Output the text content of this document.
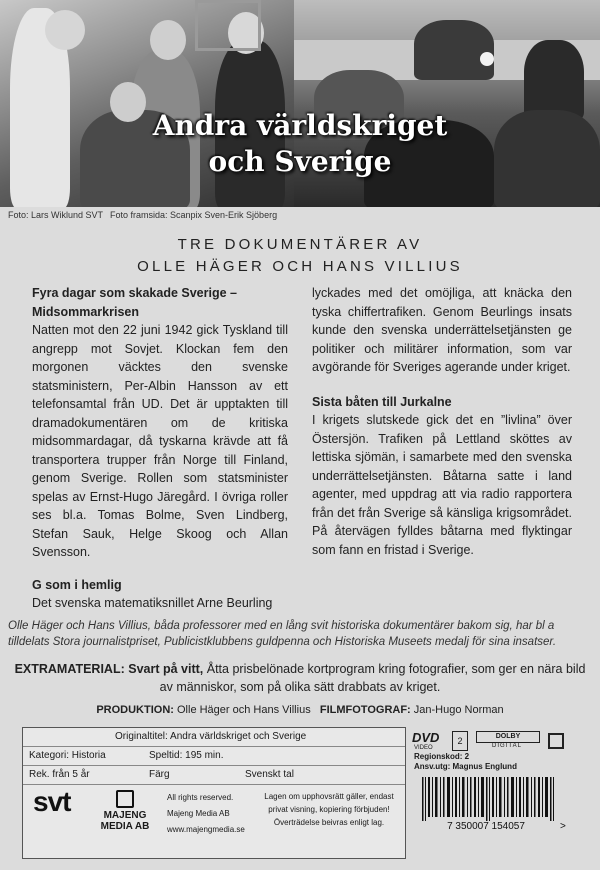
Andra världskriget
och Sverige
Foto: Lars Wiklund SVT Foto framsida: Scanpix Sven-Erik Sjöberg
TRE DOKUMENTÄRER AV
OLLE HÄGER OCH HANS VILLIUS
Fyra dagar som skakade Sverige – Midsommarkrisen

Natten mot den 22 juni 1942 gick Tyskland till angrepp mot Sovjet. Klockan fem den morgonen väcktes den svenske statsministern, Per-Albin Hansson av ett telefonsamtal från UD. Det är upptakten till dramadokumentären om de kritiska midsommardagar, då tyskarna krävde att få transportera trupper från Norge till Finland, genom Sverige. Rollen som statsminister spelas av Ernst-Hugo Järegård. I övriga roller ses bl.a. Tomas Bolme, Sven Lindberg, Stefan Sauk, Helge Skoog och Allan Svensson.

G som i hemlig

Det svenska matematiksnillet Arne Beurling

lyckades med det omöjliga, att knäcka den tyska chiffertrafiken. Genom Beurlings insats kunde den svenska underrättelsetjänsten ge politiker och militärer information, som var avgörande för Sveriges agerande under kriget.

Sista båten till Jurkalne

I krigets slutskede gick det en ”livlina” över Östersjön. Trafiken på Lettland sköttes av lettiska sjömän, i samarbete med den svenska underrättelsetjänsten. Båtarna satte i land agenter, med uppdrag att via radio rapportera från det från Sverige så känsliga krigsområdet. På återvägen fylldes båtarna med flyktingar som fann en fristad i Sverige.

Olle Häger och Hans Villius, båda professorer med en lång svit historiska dokumentärer bakom sig, har bl a tilldelats Stora journalistpriset, Publicistklubbens guldpenna och Historiska Museets medalj för sina insatser.
EXTRAMATERIAL: Svart på vitt, Åtta prisbelönade kortprogram kring fotografier, som ger en nära bild av människor, som på olika sätt drabbats av kriget.
PRODUKTION: Olle Häger och Hans Villius FILMFOTOGRAF: Jan-Hugo Norman
Originaltitel: Andra världskriget och Sverige
Kategori: Historia	Speltid: 195 min.
Rek. från 5 år	Färg	Svenskt tal
svt	MAJENG
MEDIA AB
All rights reserved.
Majeng Media AB
www.majengmedia.se
Lagen om upphovsrätt gäller, endast privat visning, kopiering förbjuden! Överträdelse beivras enligt lag.
DVD
VIDEO
2	DOLBY
DIGITAL
Regionskod: 2
Ansv.utg: Magnus Englund
7 350007 154057	>
